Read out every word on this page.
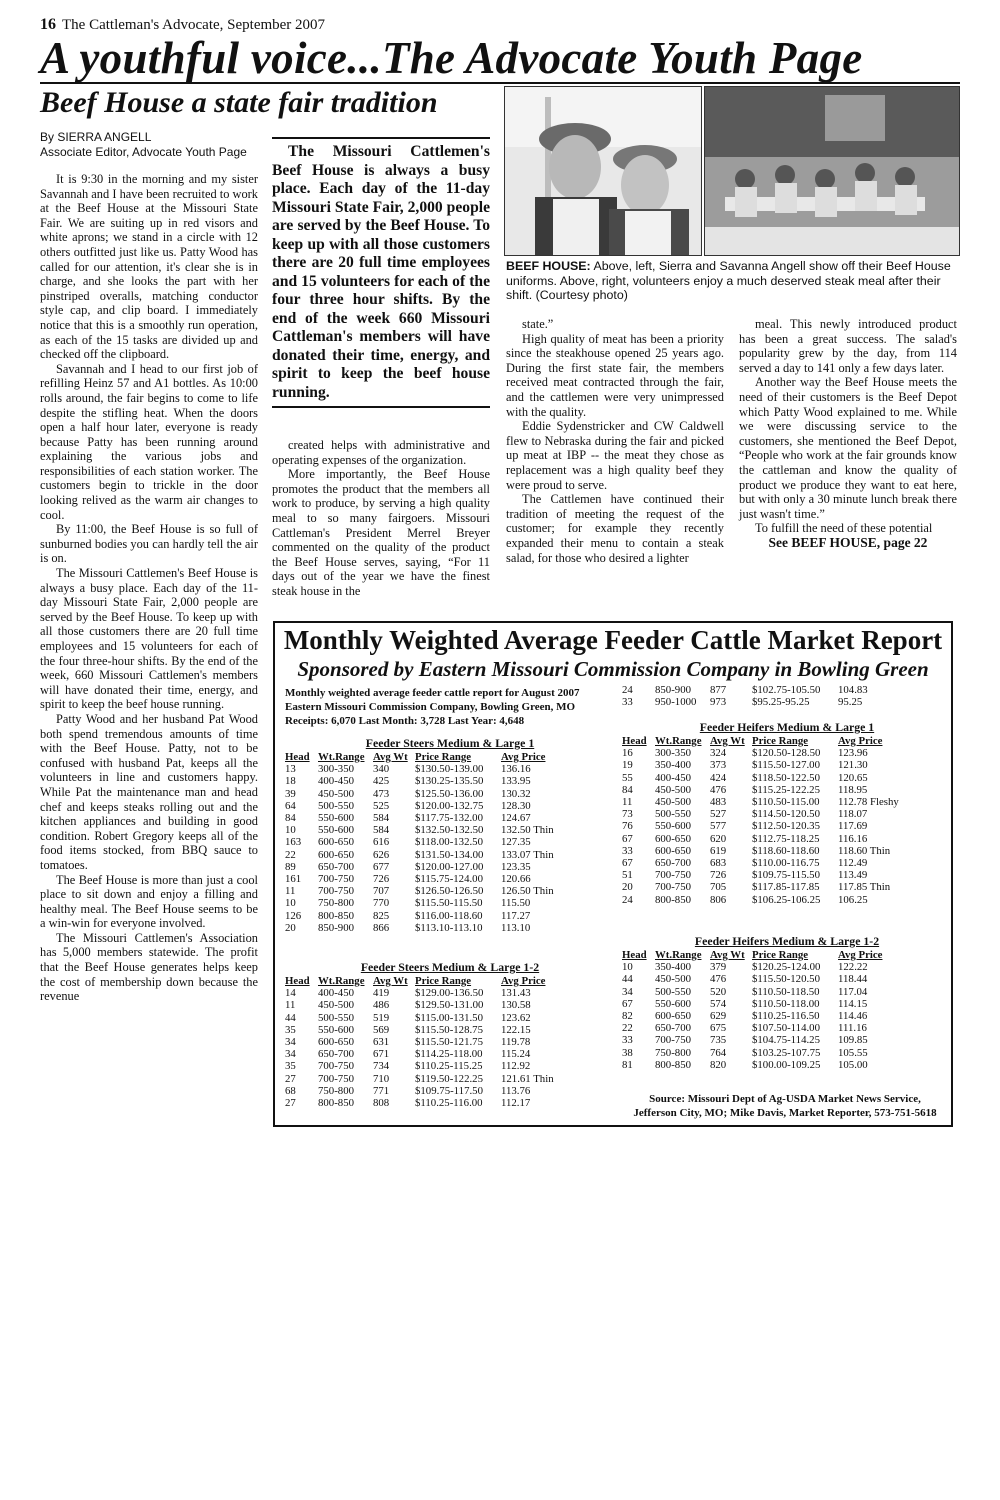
16 The Cattleman's Advocate, September 2007
A youthful voice...The Advocate Youth Page
Beef House a state fair tradition
By SIERRA ANGELL
Associate Editor, Advocate Youth Page

It is 9:30 in the morning and my sister Savannah and I have been recruited to work at the Beef House at the Missouri State Fair. We are suiting up in red visors and white aprons; we stand in a circle with 12 others outfitted just like us. Patty Wood has called for our attention, it's clear she is in charge, and she looks the part with her pinstriped overalls, matching conductor style cap, and clip board. I immediately notice that this is a smoothly run operation, as each of the 15 tasks are divided up and checked off the clipboard.

Savannah and I head to our first job of refilling Heinz 57 and A1 bottles. As 10:00 rolls around, the fair begins to come to life despite the stifling heat. When the doors open a half hour later, everyone is ready because Patty has been running around explaining the various jobs and responsibilities of each station worker. The customers begin to trickle in the door looking relived as the warm air changes to cool.

By 11:00, the Beef House is so full of sunburned bodies you can hardly tell the air is on.

The Missouri Cattlemen's Beef House is always a busy place. Each day of the 11-day Missouri State Fair, 2,000 people are served by the Beef House. To keep up with all those customers there are 20 full time employees and 15 volunteers for each of the four three-hour shifts. By the end of the week, 660 Missouri Cattlemen's members will have donated their time, energy, and spirit to keep the beef house running.

Patty Wood and her husband Pat Wood both spend tremendous amounts of time with the Beef House. Patty, not to be confused with husband Pat, keeps all the volunteers in line and customers happy. While Pat the maintenance man and head chef and keeps steaks rolling out and the kitchen appliances and building in good condition. Robert Gregory keeps all of the food items stocked, from BBQ sauce to tomatoes.

The Beef House is more than just a cool place to sit down and enjoy a filling and healthy meal. The Beef House seems to be a win-win for everyone involved.

The Missouri Cattlemen's Association has 5,000 members statewide. The profit that the Beef House generates helps keep the cost of membership down because the revenue

The Missouri Cattlemen's Beef House is always a busy place. Each day of the 11-day Missouri State Fair, 2,000 people are served by the Beef House. To keep up with all those customers there are 20 full time employees and 15 volunteers for each of the four three hour shifts. By the end of the week 660 Missouri Cattleman's members will have donated their time, energy, and spirit to keep the beef house running.

created helps with administrative and operating expenses of the organization.

More importantly, the Beef House promotes the product that the members all work to produce, by serving a high quality meal to so many fairgoers. Missouri Cattleman's President Merrel Breyer commented on the quality of the product the Beef House serves, saying, “For 11 days out of the year we have the finest steak house in the

BEEF HOUSE: Above, left, Sierra and Savanna Angell show off their Beef House uniforms. Above, right, volunteers enjoy a much deserved steak meal after their shift. (Courtesy photo)

state.”

High quality of meat has been a priority since the steakhouse opened 25 years ago. During the first state fair, the members received meat contracted through the fair, and the cattlemen were very unimpressed with the quality.

Eddie Sydenstricker and CW Caldwell flew to Nebraska during the fair and picked up meat at IBP -- the meat they chose as replacement was a high quality beef they were proud to serve.

The Cattlemen have continued their tradition of meeting the request of the customer; for example they recently expanded their menu to contain a steak salad, for those who desired a lighter

meal. This newly introduced product has been a great success. The salad's popularity grew by the day, from 114 served a day to 141 only a few days later.

Another way the Beef House meets the need of their customers is the Beef Depot which Patty Wood explained to me. While we were discussing service to the customers, she mentioned the Beef Depot, “People who work at the fair grounds know the cattleman and know the quality of product we produce they want to eat here, but with only a 30 minute lunch break there just wasn't time.”

To fulfill the need of these potential

See BEEF HOUSE, page 22

Monthly Weighted Average Feeder Cattle Market Report
Sponsored by Eastern Missouri Commission Company in Bowling Green
Monthly weighted average feeder cattle report for August 2007
Eastern Missouri Commission Company, Bowling Green, MO
Receipts: 6,070 Last Month: 3,728 Last Year: 4,648
Feeder Steers Medium & Large 1
Head	Wt.Range	Avg Wt	Price Range	Avg Price
13	300-350	340	$130.50-139.00	136.16
18	400-450	425	$130.25-135.50	133.95
39	450-500	473	$125.50-136.00	130.32
64	500-550	525	$120.00-132.75	128.30
84	550-600	584	$117.75-132.00	124.67
10	550-600	584	$132.50-132.50	132.50 Thin
163	600-650	616	$118.00-132.50	127.35
22	600-650	626	$131.50-134.00	133.07 Thin
89	650-700	677	$120.00-127.00	123.35
161	700-750	726	$115.75-124.00	120.66
11	700-750	707	$126.50-126.50	126.50 Thin
10	750-800	770	$115.50-115.50	115.50
126	800-850	825	$116.00-118.60	117.27
20	850-900	866	$113.10-113.10	113.10
Feeder Steers Medium & Large 1-2
Head	Wt.Range	Avg Wt	Price Range	Avg Price
14	400-450	419	$129.00-136.50	131.43
11	450-500	486	$129.50-131.00	130.58
44	500-550	519	$115.00-131.50	123.62
35	550-600	569	$115.50-128.75	122.15
34	600-650	631	$115.50-121.75	119.78
34	650-700	671	$114.25-118.00	115.24
35	700-750	734	$110.25-115.25	112.92
27	700-750	710	$119.50-122.25	121.61 Thin
68	750-800	771	$109.75-117.50	113.76
27	800-850	808	$110.25-116.00	112.17
24	850-900	877	$102.75-105.50	104.83
33	950-1000	973	$95.25-95.25	95.25
Feeder Heifers Medium & Large 1
Head	Wt.Range	Avg Wt	Price Range	Avg Price
16	300-350	324	$120.50-128.50	123.96
19	350-400	373	$115.50-127.00	121.30
55	400-450	424	$118.50-122.50	120.65
84	450-500	476	$115.25-122.25	118.95
11	450-500	483	$110.50-115.00	112.78 Fleshy
73	500-550	527	$114.50-120.50	118.07
76	550-600	577	$112.50-120.35	117.69
67	600-650	620	$112.75-118.25	116.16
33	600-650	619	$118.60-118.60	118.60 Thin
67	650-700	683	$110.00-116.75	112.49
51	700-750	726	$109.75-115.50	113.49
20	700-750	705	$117.85-117.85	117.85 Thin
24	800-850	806	$106.25-106.25	106.25
Feeder Heifers Medium & Large 1-2
Head	Wt.Range	Avg Wt	Price Range	Avg Price
10	350-400	379	$120.25-124.00	122.22
44	450-500	476	$115.50-120.50	118.44
34	500-550	520	$110.50-118.50	117.04
67	550-600	574	$110.50-118.00	114.15
82	600-650	629	$110.25-116.50	114.46
22	650-700	675	$107.50-114.00	111.16
33	700-750	735	$104.75-114.25	109.85
38	750-800	764	$103.25-107.75	105.55
81	800-850	820	$100.00-109.25	105.00
Source: Missouri Dept of Ag-USDA Market News Service,
Jefferson City, MO; Mike Davis, Market Reporter, 573-751-5618
